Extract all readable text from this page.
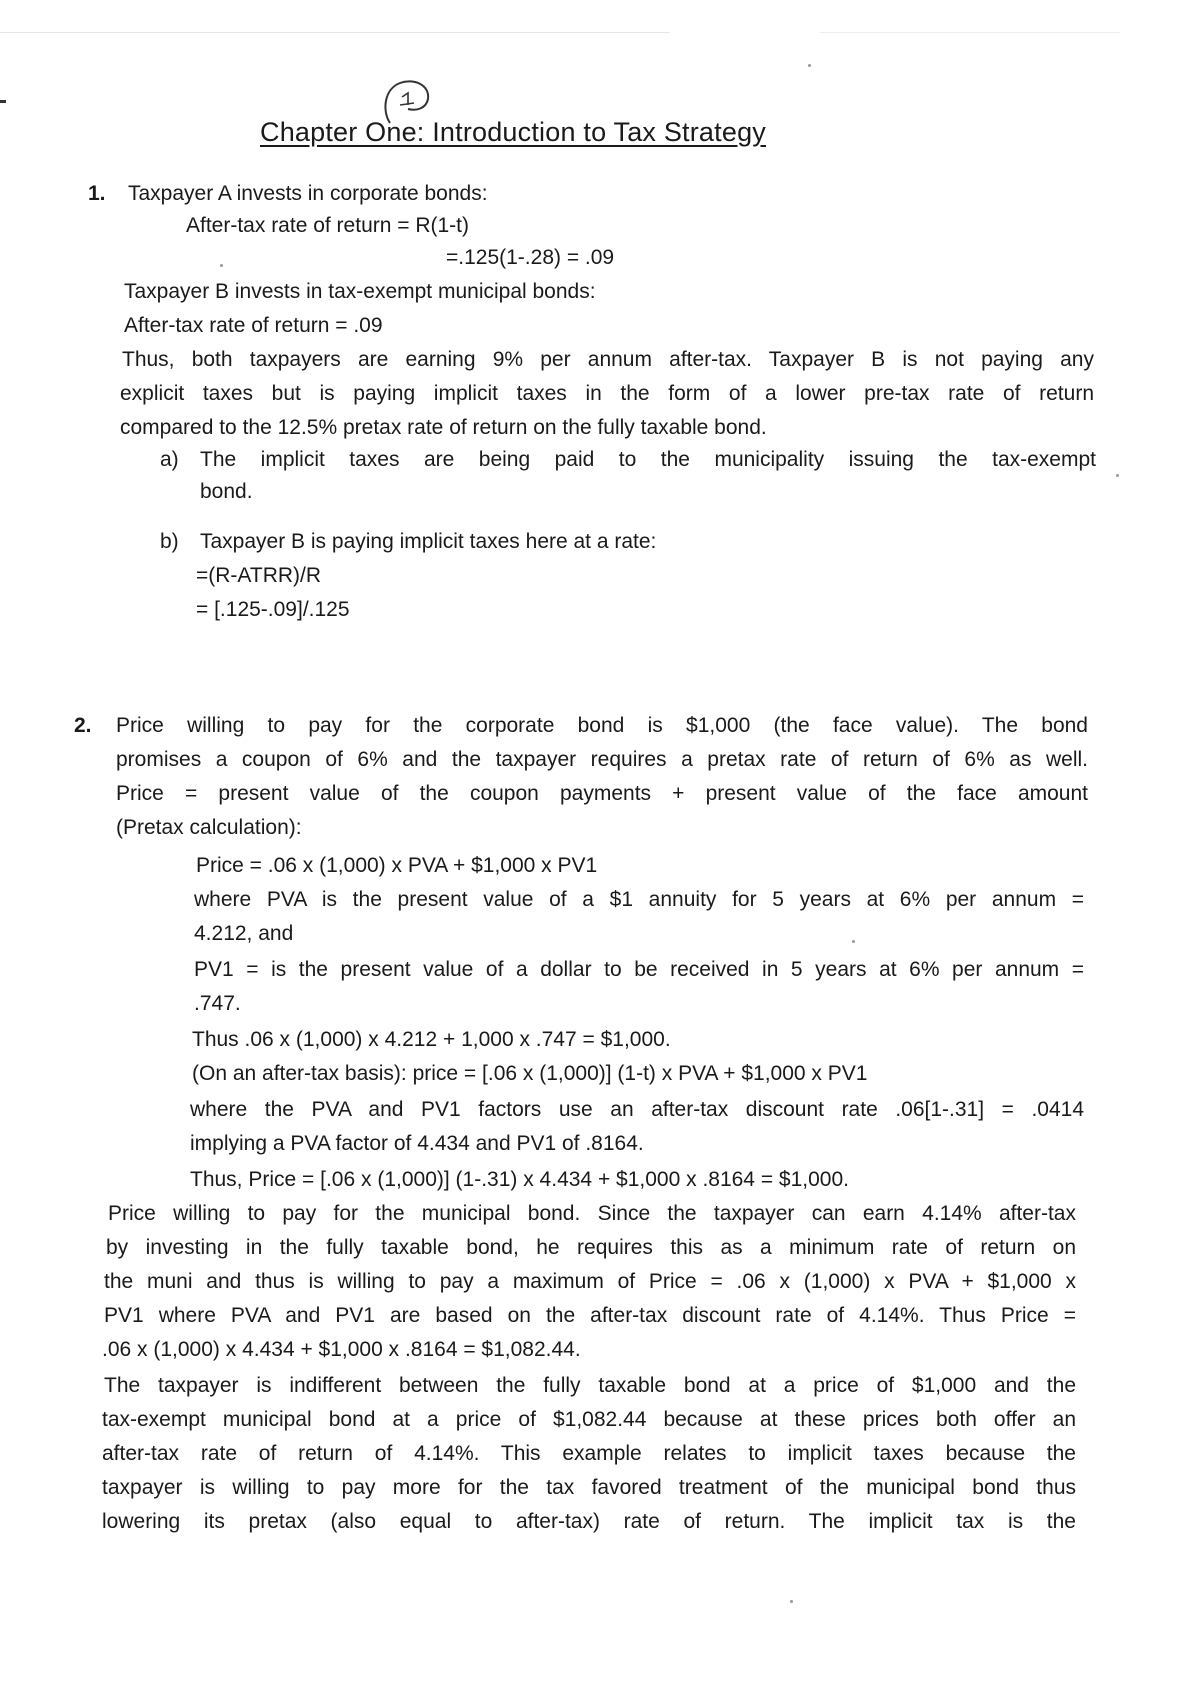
Chapter One: Introduction to Tax Strategy
1. Taxpayer A invests in corporate bonds:
After-tax rate of return = R(1-t)
=.125(1-.28) = .09
Taxpayer B invests in tax-exempt municipal bonds:
After-tax rate of return = .09
Thus, both taxpayers are earning 9% per annum after-tax. Taxpayer B is not paying any
explicit taxes but is paying implicit taxes in the form of a lower pre-tax rate of return
compared to the 12.5% pretax rate of return on the fully taxable bond.
a) The implicit taxes are being paid to the municipality issuing the tax-exempt
bond.
b) Taxpayer B is paying implicit taxes here at a rate:
=(R-ATRR)/R
= [.125-.09]/.125
2. Price willing to pay for the corporate bond is $1,000 (the face value). The bond
promises a coupon of 6% and the taxpayer requires a pretax rate of return of 6% as well.
Price = present value of the coupon payments + present value of the face amount
(Pretax calculation):
Price = .06 x (1,000) x PVA + $1,000 x PV1
where PVA is the present value of a $1 annuity for 5 years at 6% per annum =
4.212, and
PV1 = is the present value of a dollar to be received in 5 years at 6% per annum =
.747.
Thus .06 x (1,000) x 4.212 + 1,000 x .747 = $1,000.
(On an after-tax basis): price = [.06 x (1,000)] (1-t) x PVA + $1,000 x PV1
where the PVA and PV1 factors use an after-tax discount rate .06[1-.31] = .0414
implying a PVA factor of 4.434 and PV1 of .8164.
Thus, Price = [.06 x (1,000)] (1-.31) x 4.434 + $1,000 x .8164 = $1,000.
Price willing to pay for the municipal bond. Since the taxpayer can earn 4.14% after-tax
by investing in the fully taxable bond, he requires this as a minimum rate of return on
the muni and thus is willing to pay a maximum of Price = .06 x (1,000) x PVA + $1,000 x
PV1 where PVA and PV1 are based on the after-tax discount rate of 4.14%. Thus Price =
.06 x (1,000) x 4.434 + $1,000 x .8164 = $1,082.44.
The taxpayer is indifferent between the fully taxable bond at a price of $1,000 and the
tax-exempt municipal bond at a price of $1,082.44 because at these prices both offer an
after-tax rate of return of 4.14%. This example relates to implicit taxes because the
taxpayer is willing to pay more for the tax favored treatment of the municipal bond thus
lowering its pretax (also equal to after-tax) rate of return. The implicit tax is the
